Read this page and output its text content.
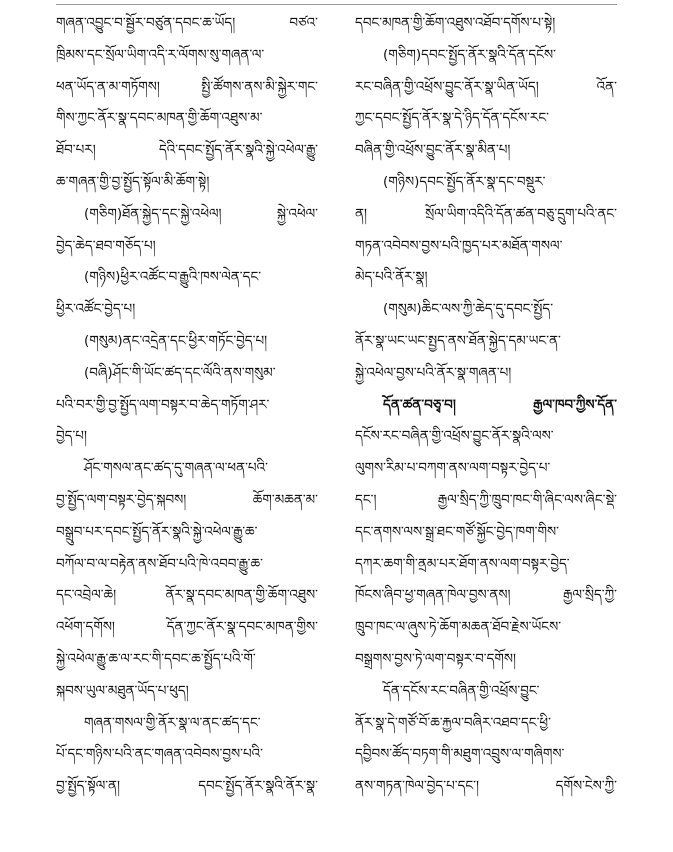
གཞན་འབྱུང་བ་སྦྱོར་བཙུན་དབང་ཆ་ཡོད། བཙའ་
ཁྲིམས་དང་སྲོལ་ཡིག་འདི་ར་ལོགས་སུ་གཞན་ལ་
ཕན་ཡོད་ན་མ་གཏོགས། སྤྱི་ཚོགས་ནས་མི་སྐྱེར་གང་
གིས་ཀྱང་ནོར་སྣ་དབང་མཁན་གྱི་ཆོག་འཐུས་མ་
ཐོབ་པར། དེའི་དབང་སྤྱོད་ནོར་སྣའི་སྐྱེ་འཕེལ་རྒྱུ་
ཆ་གཞན་གྱི་བྱ་སྤྱོད་སྟོལ་མི་ཆོག་སྟེ།
(གཅིག)ཐོན་སྐྱེད་དང་སྐྱེ་འཕེལ། སྐྱེ་འཕེལ་
བྱེད་ཆེད་ཐབ་གཅོད་པ།
(གཉིས)ཕྱིར་འཚོང་བ་རྒྱུའི་ཁས་ལེན་དང་
ཕྱིར་འཚོང་བྱེད་པ།
(གསུམ)ནང་འདྲེན་དང་ཕྱིར་གཏོང་བྱེད་པ།
(བཞི)ཤོང་གི་ཡོང་ཚད་དང་ལོའི་ནས་གསུམ་
པའི་བར་གྱི་བྱ་སྤྱོད་ལག་བསྟར་བ་ཆེད་གཏོག་ཤར་
བྱེད་པ།
ཤོང་གསལ་ནང་ཚད་དུ་གཞན་ལ་ཕན་པའི་
བྱ་སྤྱོད་ལག་བསྟར་བྱེད་སྐབས། ཆོག་མཆན་མ་
བསྒྲུབ་པར་དབང་སྤྱོད་ནོར་སྣའི་སྐྱེ་འཕེལ་རྒྱུ་ཆ་
བཀོལ་བ་ལ་བརྟེན་ནས་ཐོབ་པའི་ཁེ་འབབ་རྒྱུ་ཆ་
དང་འབྲེལ་ཆེ། ནོར་སྣ་དབང་མཁན་གྱི་ཆོག་འཐུས་
འཕོག་དགོས། དོན་ཀྱང་ནོར་སྣ་དབང་མཁན་གྱིས་
སྐྱེ་འཕེལ་རྒྱུ་ཆ་ལ་རང་གི་དབང་ཆ་སྤྱོད་པའི་གོ་
སྐབས་ཡུལ་མཐུན་ཡོད་པ་ཕུད།
གཞན་གསལ་གྱི་ནོར་སྣ་ལ་ནང་ཚད་དང་
པོ་དང་གཉིས་པའི་ནང་གཞན་འབེབས་བྱས་པའི་
བྱ་སྤྱོད་སྟོལ་ན། དབང་སྤྱོད་ནོར་སྣའི་ནོར་སྣ་
དབང་མཁན་གྱི་ཆོག་འཐུས་འཐོབ་དགོས་པ་སྟེ།
(གཅིག)དབང་སྤྱོད་ནོར་སྣའི་དོན་དངོས་
རང་བཞིན་གྱི་འཕྲོས་བྱུང་ནོར་སྣ་ཡིན་ཡོད། འོན་
ཀྱང་དབང་སྤྱོད་ནོར་སྣ་དེ་ཉིད་དོན་དངོས་རང་
བཞིན་གྱི་འཕྲོས་བྱུང་ནོར་སྣ་མིན་པ།
(གཉིས)དབང་སྤྱོད་ནོར་སྣ་དང་བསྡུར་
ན། སྲོལ་ཡིག་འདིའི་དོན་ཚན་བཅུ་དྲུག་པའི་ནང་
གཏན་འབེབས་བྱས་པའི་ཁྱད་པར་མཐོན་གསལ་
མེད་པའི་ནོར་སྣ།
(གསུམ)ཆིང་ལས་ཀྱི་ཆེད་དུ་དབང་སྤྱོད་
ནོར་སྣ་ཡང་ཡང་སྤྱད་ནས་ཐོན་སྐྱེད་དམ་ཡང་ན་
སྐྱེ་འཕེལ་བྱས་པའི་ནོར་སྣ་གཞན་པ།
དོན་ཚན་བཅྭ་བ། རྒྱལ་ཁབ་ཀྱིས་དོན་
དངོས་རང་བཞིན་གྱི་འཕྲོས་བྱུང་ནོར་སྣའི་ལས་
ལུགས་རིམ་པ་བཀག་ནས་ལག་བསྟར་བྱེད་པ་
དང་། རྒྱལ་སྲིད་ཀྱི་ཁྲུབ་ཁང་གི་ཞིང་ལས་ཞིང་སྡེ་
དང་ནགས་ལས་སྒྲ་ཐང་གཙོ་སྐྱོང་བྱེད་ཁག་གིས་
དཀར་ཆག་གི་ནྲམ་པར་ཐོག་ནས་ལག་བསྟར་བྱེད་
ཁོངས་ཞིབ་ཕྱ་གཞན་ཁེལ་བྱས་ནས། རྒྱལ་སྲིད་ཀྱི་
ཁྲུབ་ཁང་ལ་ཞུས་ཏེ་ཆོག་མཆན་ཐོབ་རྗེས་ཡོངས་
བསྒྲགས་བྱས་ཏེ་ལག་བསྟར་བ་དགོས།
དོན་དངོས་རང་བཞིན་གྱི་འཕྲོས་བྱུང་
ནོར་སྣ་དེ་གཙོ་བོ་ཆ་རྐྱལ་བཞིར་འཐབ་དང་ཕྱི་
དབྱིབས་ཚོད་བཏག་གི་མཐུག་འབྲུས་ལ་གཞིགས་
ནས་གཏན་ཁེལ་བྱེད་པ་དང་། དགོས་ངེས་ཀྱི་
